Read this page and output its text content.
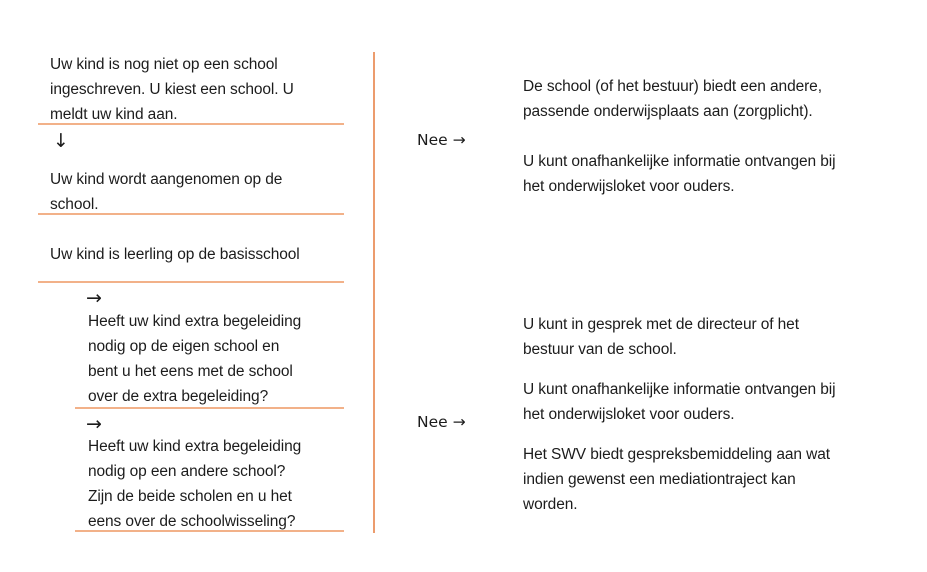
Uw kind is nog niet op een school
ingeschreven. U kiest een school. U
meldt uw kind aan.
↓
Uw kind wordt aangenomen op de
school.
Uw kind is leerling op de basisschool
→
Heeft uw kind extra begeleiding
nodig op de eigen school en
bent u het eens met de school
over de extra begeleiding?
→
Heeft uw kind extra begeleiding
nodig op een andere school?
Zijn de beide scholen en u het
eens over de schoolwisseling?
Nee →
Nee →
De school (of het bestuur) biedt een andere,
passende onderwijsplaats aan (zorgplicht).
U kunt onafhankelijke informatie ontvangen bij
het onderwijsloket voor ouders.
U kunt in gesprek met de directeur of het
bestuur van de school.
U kunt onafhankelijke informatie ontvangen bij
het onderwijsloket voor ouders.
Het SWV biedt gespreksbemiddeling aan wat
indien gewenst een mediationtraject kan
worden.
